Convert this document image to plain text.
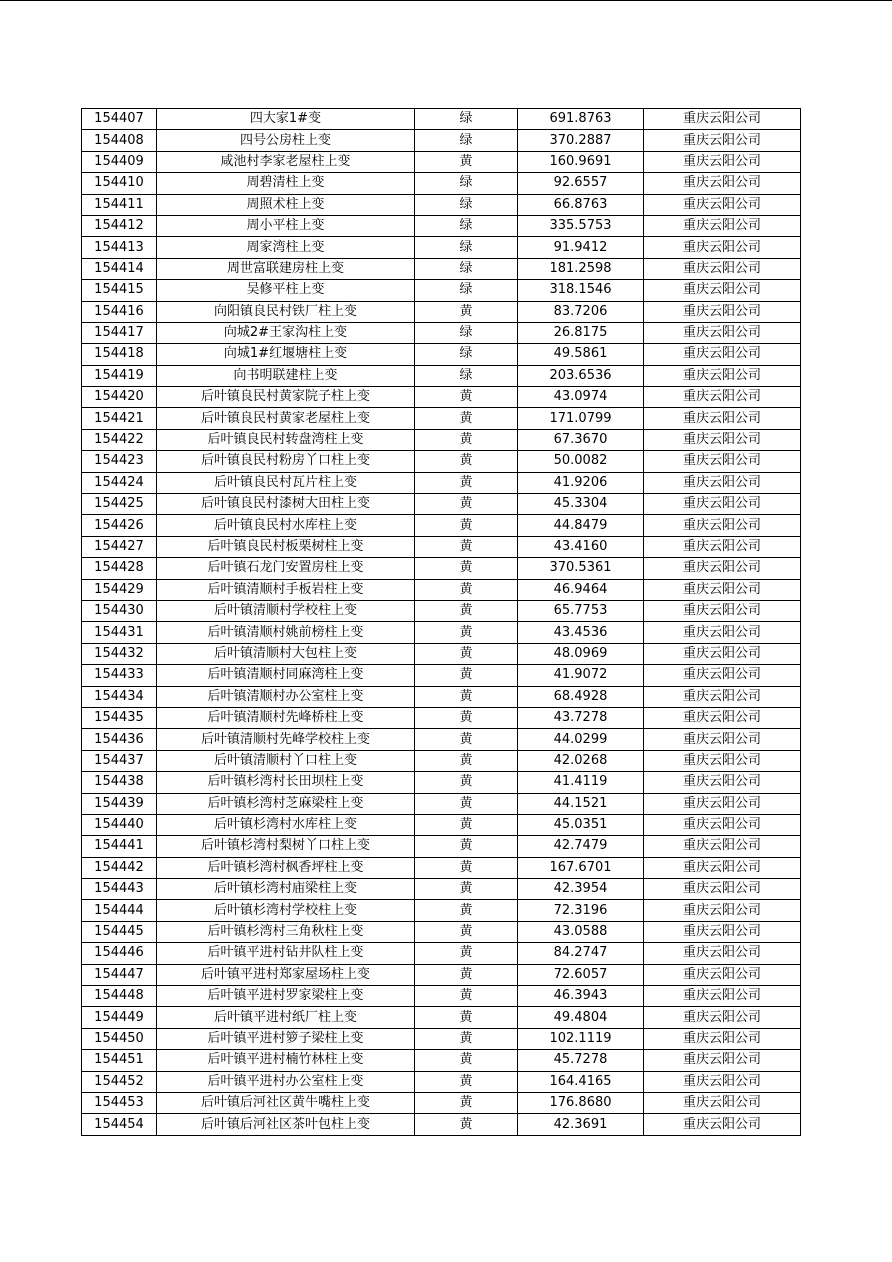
154407	四大家1#变	绿	691.8763	重庆云阳公司
154408	四号公房柱上变	绿	370.2887	重庆云阳公司
154409	咸池村李家老屋柱上变	黄	160.9691	重庆云阳公司
154410	周碧清柱上变	绿	92.6557	重庆云阳公司
154411	周照术柱上变	绿	66.8763	重庆云阳公司
154412	周小平柱上变	绿	335.5753	重庆云阳公司
154413	周家湾柱上变	绿	91.9412	重庆云阳公司
154414	周世富联建房柱上变	绿	181.2598	重庆云阳公司
154415	吴修平柱上变	绿	318.1546	重庆云阳公司
154416	向阳镇良民村铁厂柱上变	黄	83.7206	重庆云阳公司
154417	向城2#王家沟柱上变	绿	26.8175	重庆云阳公司
154418	向城1#红堰塘柱上变	绿	49.5861	重庆云阳公司
154419	向书明联建柱上变	绿	203.6536	重庆云阳公司
154420	后叶镇良民村黄家院子柱上变	黄	43.0974	重庆云阳公司
154421	后叶镇良民村黄家老屋柱上变	黄	171.0799	重庆云阳公司
154422	后叶镇良民村转盘湾柱上变	黄	67.3670	重庆云阳公司
154423	后叶镇良民村粉房丫口柱上变	黄	50.0082	重庆云阳公司
154424	后叶镇良民村瓦片柱上变	黄	41.9206	重庆云阳公司
154425	后叶镇良民村漆树大田柱上变	黄	45.3304	重庆云阳公司
154426	后叶镇良民村水库柱上变	黄	44.8479	重庆云阳公司
154427	后叶镇良民村板栗树柱上变	黄	43.4160	重庆云阳公司
154428	后叶镇石龙门安置房柱上变	黄	370.5361	重庆云阳公司
154429	后叶镇清顺村手板岩柱上变	黄	46.9464	重庆云阳公司
154430	后叶镇清顺村学校柱上变	黄	65.7753	重庆云阳公司
154431	后叶镇清顺村姚前榜柱上变	黄	43.4536	重庆云阳公司
154432	后叶镇清顺村大包柱上变	黄	48.0969	重庆云阳公司
154433	后叶镇清顺村同麻湾柱上变	黄	41.9072	重庆云阳公司
154434	后叶镇清顺村办公室柱上变	黄	68.4928	重庆云阳公司
154435	后叶镇清顺村先峰桥柱上变	黄	43.7278	重庆云阳公司
154436	后叶镇清顺村先峰学校柱上变	黄	44.0299	重庆云阳公司
154437	后叶镇清顺村丫口柱上变	黄	42.0268	重庆云阳公司
154438	后叶镇杉湾村长田坝柱上变	黄	41.4119	重庆云阳公司
154439	后叶镇杉湾村芝麻梁柱上变	黄	44.1521	重庆云阳公司
154440	后叶镇杉湾村水库柱上变	黄	45.0351	重庆云阳公司
154441	后叶镇杉湾村梨树丫口柱上变	黄	42.7479	重庆云阳公司
154442	后叶镇杉湾村枫香坪柱上变	黄	167.6701	重庆云阳公司
154443	后叶镇杉湾村庙梁柱上变	黄	42.3954	重庆云阳公司
154444	后叶镇杉湾村学校柱上变	黄	72.3196	重庆云阳公司
154445	后叶镇杉湾村三角秋柱上变	黄	43.0588	重庆云阳公司
154446	后叶镇平进村钻井队柱上变	黄	84.2747	重庆云阳公司
154447	后叶镇平进村郑家屋场柱上变	黄	72.6057	重庆云阳公司
154448	后叶镇平进村罗家梁柱上变	黄	46.3943	重庆云阳公司
154449	后叶镇平进村纸厂柱上变	黄	49.4804	重庆云阳公司
154450	后叶镇平进村箩子梁柱上变	黄	102.1119	重庆云阳公司
154451	后叶镇平进村楠竹林柱上变	黄	45.7278	重庆云阳公司
154452	后叶镇平进村办公室柱上变	黄	164.4165	重庆云阳公司
154453	后叶镇后河社区黄牛嘴柱上变	黄	176.8680	重庆云阳公司
154454	后叶镇后河社区茶叶包柱上变	黄	42.3691	重庆云阳公司
